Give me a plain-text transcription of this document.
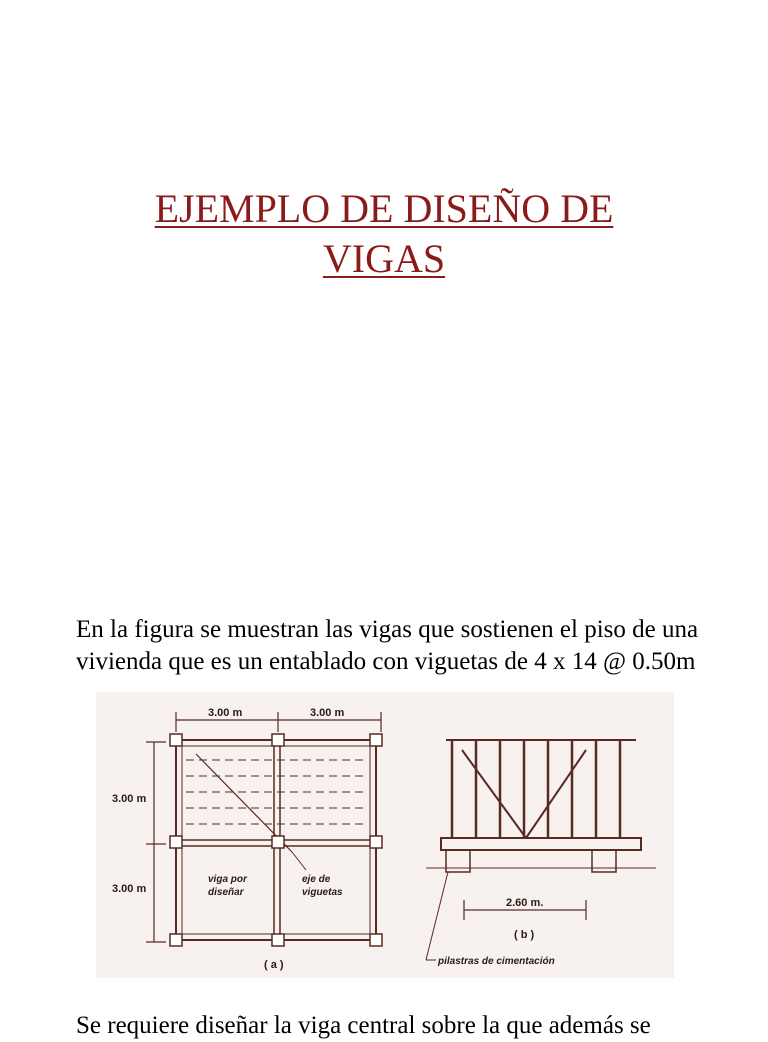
EJEMPLO DE DISEÑO DE
VIGAS

En la figura se muestran las vigas que sostienen el piso de una vivienda que es un entablado con viguetas de 4 x 14 @ 0.50m

3.00 m	3.00 m
3.00 m
3.00 m
viga por
diseñar
eje de
viguetas
( a )
2.60 m.
( b )
pilastras de cimentación

Se requiere diseñar la viga central sobre la que además se
